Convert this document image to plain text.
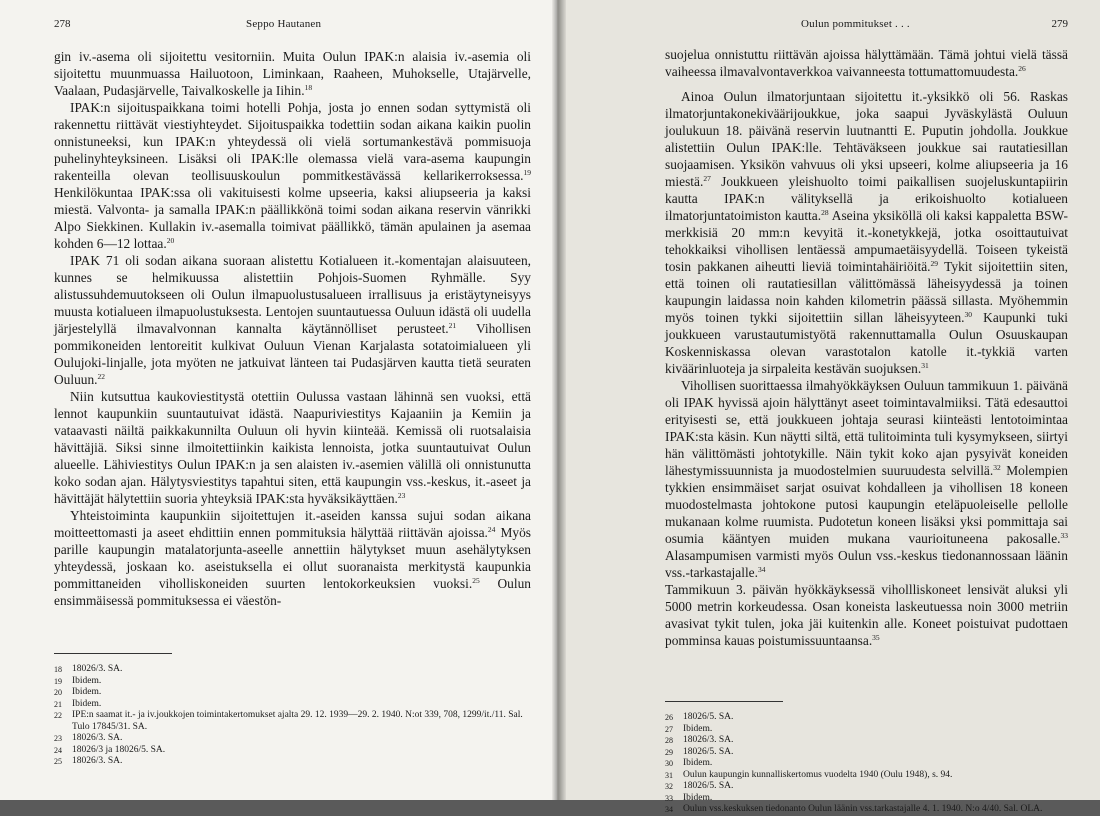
278	Seppo Hautanen

gin iv.-asema oli sijoitettu vesitorniin. Muita Oulun IPAK:n alaisia iv.-asemia oli sijoitettu muunmuassa Hailuotoon, Liminkaan, Raaheen, Muhokselle, Utajärvelle, Vaalaan, Pudasjärvelle, Taivalkoskelle ja Iihin.$^{18}$

IPAK:n sijoituspaikkana toimi hotelli Pohja, josta jo ennen sodan syttymistä oli rakennettu riittävät viestiyhteydet. Sijoituspaikka todettiin sodan aikana kaikin puolin onnistuneeksi, kun IPAK:n yhteydessä oli vielä sortumankestävä pommisuoja puhelinyhteyksineen. Lisäksi oli IPAK:lle olemassa vielä vara-asema kaupungin rakenteilla olevan teollisuuskoulun pommitkestävässä kellarikerroksessa.$^{19}$ Henkilökuntaa IPAK:ssa oli vakituisesti kolme upseeria, kaksi aliupseeria ja kaksi miestä. Valvonta- ja samalla IPAK:n päällikkönä toimi sodan aikana reservin vänrikki Alpo Siekkinen. Kullakin iv.-asemalla toimivat päällikkö, tämän apulainen ja asemaa kohden 6—12 lottaa.$^{20}$

IPAK 71 oli sodan aikana suoraan alistettu Kotialueen it.-komentajan alaisuuteen, kunnes se helmikuussa alistettiin Pohjois-Suomen Ryhmälle. Syy alistussuhdemuutokseen oli Oulun ilmapuolustusalueen irrallisuus ja eristäytyneisyys muusta kotialueen ilmapuolustuksesta. Lentojen suuntautuessa Ouluun idästä oli uudella järjestelyllä ilmavalvonnan kannalta käytännölliset perusteet.$^{21}$ Vihollisen pommikoneiden lentoreitit kulkivat Ouluun Vienan Karjalasta sotatoimialueen yli Oulujoki-linjalle, jota myöten ne jatkuivat länteen tai Pudasjärven kautta tietä seuraten Ouluun.$^{22}$

Niin kutsuttua kaukoviestitystä otettiin Oulussa vastaan lähinnä sen vuoksi, että lennot kaupunkiin suuntautuivat idästä. Naapuriviestitys Kajaaniin ja Kemiin ja vataavasti näiltä paikkakunnilta Ouluun oli hyvin kiinteää. Kemissä oli ruotsalaisia hävittäjiä. Siksi sinne ilmoitettiinkin kaikista lennoista, jotka suuntautuivat Oulun alueelle. Lähiviestitys Oulun IPAK:n ja sen alaisten iv.-asemien välillä oli onnistunutta koko sodan ajan. Hälytysviestitys tapahtui siten, että kaupungin vss.-keskus, it.-aseet ja hävittäjät hälytettiin suoria yhteyksiä IPAK:sta hyväksikäyttäen.$^{23}$

Yhteistoiminta kaupunkiin sijoitettujen it.-aseiden kanssa sujui sodan aikana moitteettomasti ja aseet ehdittiin ennen pommituksia hälyttää riittävän ajoissa.$^{24}$ Myös parille kaupungin matalatorjunta-aseelle annettiin hälytykset muun asehälytyksen yhteydessä, joskaan ko. aseistuksella ei ollut suoranaista merkitystä kaupunkia pommittaneiden viholliskoneiden suurten lentokorkeuksien vuoksi.$^{25}$ Oulun ensimmäisessä pommituksessa ei väestön-

18	18026/3. SA.
19	Ibidem.
20	Ibidem.
21	Ibidem.
22	IPE:n saamat it.- ja iv.joukkojen toimintakertomukset ajalta 29. 12. 1939—29. 2. 1940. N:ot 339, 708, 1299/it./11. Sal. Tulo 17845/31. SA.
23	18026/3. SA.
24	18026/3 ja 18026/5. SA.
25	18026/3. SA.
Oulun pommitukset . . .	279

suojelua onnistuttu riittävän ajoissa hälyttämään. Tämä johtui vielä tässä vaiheessa ilmavalvontaverkkoa vaivanneesta tottumattomuudesta.$^{26}$

Ainoa Oulun ilmatorjuntaan sijoitettu it.-yksikkö oli 56. Raskas ilmatorjuntakonekiväärijoukkue, joka saapui Jyväskylästä Ouluun joulukuun 18. päivänä reservin luutnantti E. Puputin johdolla. Joukkue alistettiin Oulun IPAK:lle. Tehtäväkseen joukkue sai rautatiesillan suojaamisen. Yksikön vahvuus oli yksi upseeri, kolme aliupseeria ja 16 miestä.$^{27}$ Joukkueen yleishuolto toimi paikallisen suojeluskuntapiirin kautta IPAK:n välityksellä ja erikoishuolto kotialueen ilmatorjuntatoimiston kautta.$^{28}$ Aseina yksiköllä oli kaksi kappaletta BSW-merkkisiä 20 mm:n kevyitä it.-konetykkejä, jotka osoittautuivat tehokkaiksi vihollisen lentäessä ampumaetäisyydellä. Toiseen tykeistä tosin pakkanen aiheutti lieviä toimintahäiriöitä.$^{29}$ Tykit sijoitettiin siten, että toinen oli rautatiesillan välittömässä läheisyydessä ja toinen kaupungin laidassa noin kahden kilometrin päässä sillasta. Myöhemmin myös toinen tykki sijoitettiin sillan läheisyyteen.$^{30}$ Kaupunki tuki joukkueen varustautumistyötä rakennuttamalla Oulun Osuuskaupan Koskenniskassa olevan varastotalon katolle it.-tykkiä varten kiväärinluoteja ja sirpaleita kestävän suojuksen.$^{31}$

Vihollisen suorittaessa ilmahyökkäyksen Ouluun tammikuun 1. päivänä oli IPAK hyvissä ajoin hälyttänyt aseet toimintavalmiiksi. Tätä edesauttoi erityisesti se, että joukkueen johtaja seurasi kiinteästi lentotoimintaa IPAK:sta käsin. Kun näytti siltä, että tulitoiminta tuli kysymykseen, siirtyi hän välittömästi johtotykille. Näin tykit koko ajan pysyivät koneiden lähestymissuunnista ja muodostelmien suuruudesta selvillä.$^{32}$ Molempien tykkien ensimmäiset sarjat osuivat kohdalleen ja vihollisen 18 koneen muodostelmasta johtokone putosi kaupungin eteläpuoleiselle pellolle mukanaan kolme ruumista. Pudotetun koneen lisäksi yksi pommittaja sai osumia kääntyen muiden mukana vaurioituneena pakosalle.$^{33}$ Alasampumisen varmisti myös Oulun vss.-keskus tiedonannossaan läänin vss.-tarkastajalle.$^{34}$

Tammikuun 3. päivän hyökkäyksessä vihollliskoneet lensivät aluksi yli 5000 metrin korkeudessa. Osan koneista laskeutuessa noin 3000 metriin avasivat tykit tulen, joka jäi kuitenkin alle. Koneet poistuivat pudottaen pomminsa kauas poistumissuuntaansa.$^{35}$

26	18026/5. SA.
27	Ibidem.
28	18026/3. SA.
29	18026/5. SA.
30	Ibidem.
31	Oulun kaupungin kunnalliskertomus vuodelta 1940 (Oulu 1948), s. 94.
32	18026/5. SA.
33	Ibidem.
34	Oulun vss.keskuksen tiedonanto Oulun läänin vss.tarkastajalle 4. 1. 1940. N:o 4/40. Sal. OLA.
